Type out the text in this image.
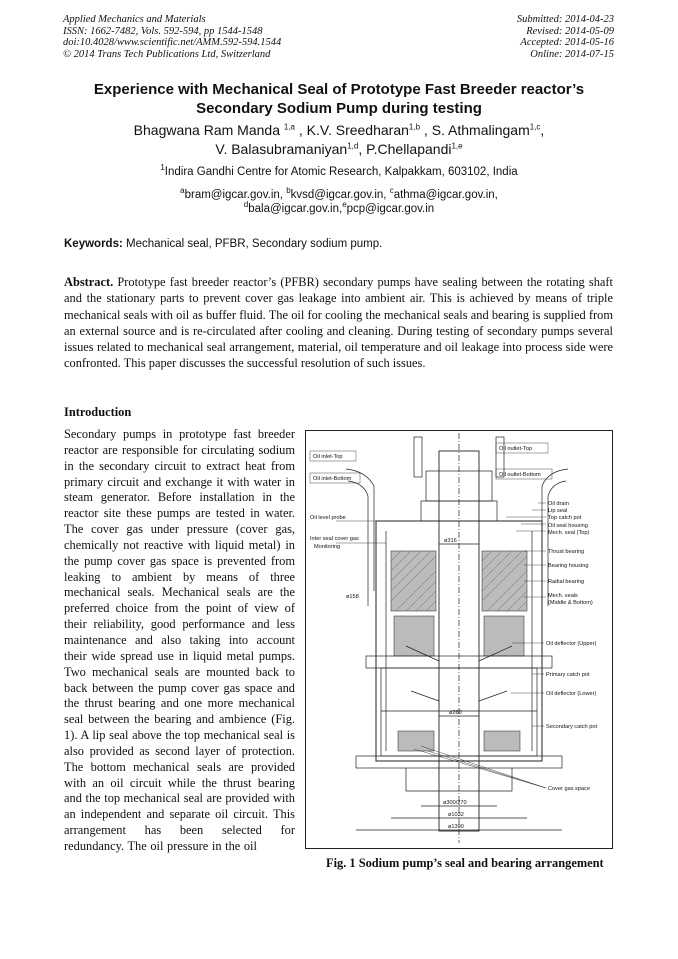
Applied Mechanics and Materials
ISSN: 1662-7482, Vols. 592-594, pp 1544-1548
doi:10.4028/www.scientific.net/AMM.592-594.1544
© 2014 Trans Tech Publications Ltd, Switzerland
Submitted: 2014-04-23
Revised: 2014-05-09
Accepted: 2014-05-16
Online: 2014-07-15
Experience with Mechanical Seal of Prototype Fast Breeder reactor’s
Secondary Sodium Pump during testing
Bhagwana Ram Manda $^{1,a}$ , K.V. Sreedharan$^{1,b}$ , S. Athmalingam$^{1,c}$,
V. Balasubramaniyan$^{1,d}$, P.Chellapandi$^{1,e}$
$^1$Indira Gandhi Centre for Atomic Research, Kalpakkam, 603102, India
$^a$bram@igcar.gov.in, $^b$kvsd@igcar.gov.in, $^c$athma@igcar.gov.in,
$^d$bala@igcar.gov.in,$^e$pcp@igcar.gov.in
Keywords: Mechanical seal, PFBR, Secondary sodium pump.
Abstract. Prototype fast breeder reactor’s (PFBR) secondary pumps have sealing between the rotating shaft and the stationary parts to prevent cover gas leakage into ambient air. This is achieved by means of triple mechanical seals with oil as buffer fluid. The oil for cooling the mechanical seals and bearing is supplied from an external source and is re-circulated after cooling and cleaning. During testing of secondary pumps several issues related to mechanical seal arrangement, material, oil temperature and oil leakage into process side were confronted. This paper discusses the successful resolution of such issues.
Introduction
Secondary pumps in prototype fast breeder reactor are responsible for circulating sodium in the secondary circuit to extract heat from primary circuit and exchange it with water in steam generator. Before installation in the reactor site these pumps are tested in water. The cover gas under pressure (cover gas, chemically not reactive with liquid metal) in the pump cover gas space is prevented from leaking to ambient by means of three mechanical seals. Mechanical seals are the preferred choice from the point of view of their reliability, good performance and less maintenance and also taking into account their wide spread use in liquid metal pumps. Two mechanical seals are mounted back to back between the pump cover gas space and the thrust bearing and one more mechanical seal between the bearing and ambience (Fig. 1). A lip seal above the top mechanical seal is also provided as second layer of protection. The bottom mechanical seals are provided with an oil circuit while the thrust bearing and the top mechanical seal are provided with an independent and separate oil circuit. This arrangement has been selected for redundancy. The oil pressure in the oil
Oil inlet-Top
Oil inlet-Bottom
Oil outlet-Top
Oil outlet-Bottom
Oil level probe
Inter seal cover gas
Monitoring
Oil drain
Lip seal
Top catch pot
Oil seal housing
Mech. seal (Top)
Thrust bearing
Bearing housing
Radial bearing
Mech. seals
(Middle & Bottom)
Oil deflector (Upper)
Primary catch pot
Oil deflector (Lower)
Secondary catch pot
Cover gas space
ø316
ø158
ø260
ø300/270
ø1032
ø1390
Fig. 1 Sodium pump’s seal and bearing arrangement
